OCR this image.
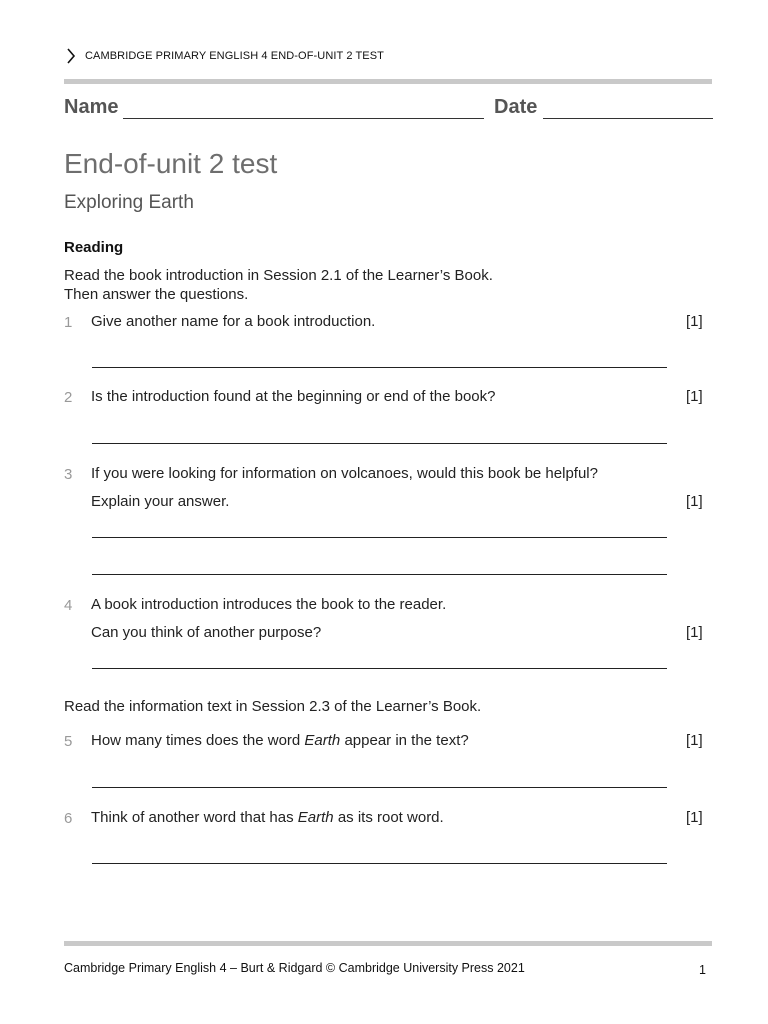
CAMBRIDGE PRIMARY ENGLISH 4 END-OF-UNIT 2 TEST
Name	Date
End-of-unit 2 test
Exploring Earth
Reading
Read the book introduction in Session 2.1 of the Learner’s Book.
Then answer the questions.
1 Give another name for a book introduction.	[1]
2 Is the introduction found at the beginning or end of the book?	[1]
3 If you were looking for information on volcanoes, would this book be helpful?
Explain your answer.	[1]
4 A book introduction introduces the book to the reader.
Can you think of another purpose?	[1]
Read the information text in Session 2.3 of the Learner’s Book.
5 How many times does the word Earth appear in the text?	[1]
6 Think of another word that has Earth as its root word.	[1]
Cambridge Primary English 4 – Burt & Ridgard © Cambridge University Press 2021	1
